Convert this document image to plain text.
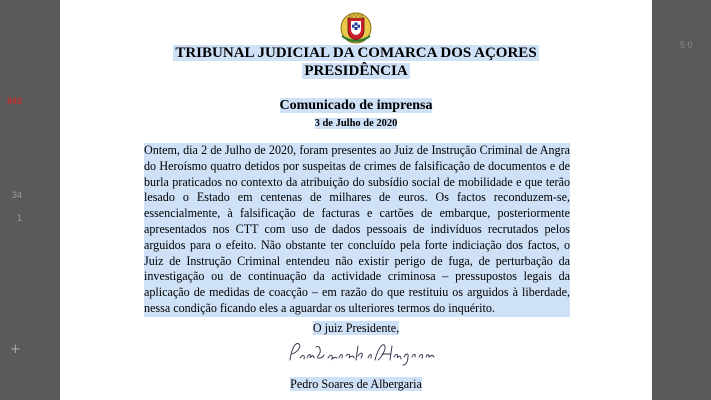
843
34
1
+
5 0
TRIBUNAL JUDICIAL DA COMARCA DOS AÇORES
PRESIDÊNCIA
Comunicado de imprensa
3 de Julho de 2020
Ontem, dia 2 de Julho de 2020, foram presentes ao Juiz de Instrução Criminal de Angra do Heroísmo quatro detidos por suspeitas de crimes de falsificação de documentos e de burla praticados no contexto da atribuição do subsídio social de mobilidade e que terão lesado o Estado em centenas de milhares de euros. Os factos reconduzem-se, essencialmente, à falsificação de facturas e cartões de embarque, posteriormente apresentados nos CTT com uso de dados pessoais de indivíduos recrutados pelos arguidos para o efeito. Não obstante ter concluído pela forte indiciação dos factos, o Juiz de Instrução Criminal entendeu não existir perigo de fuga, de perturbação da investigação ou de continuação da actividade criminosa – pressupostos legais da aplicação de medidas de coacção – em razão do que restituiu os arguidos à liberdade, nessa condição ficando eles a aguardar os ulteriores termos do inquérito.
O juiz Presidente,
Pedro Soares de Albergaria
